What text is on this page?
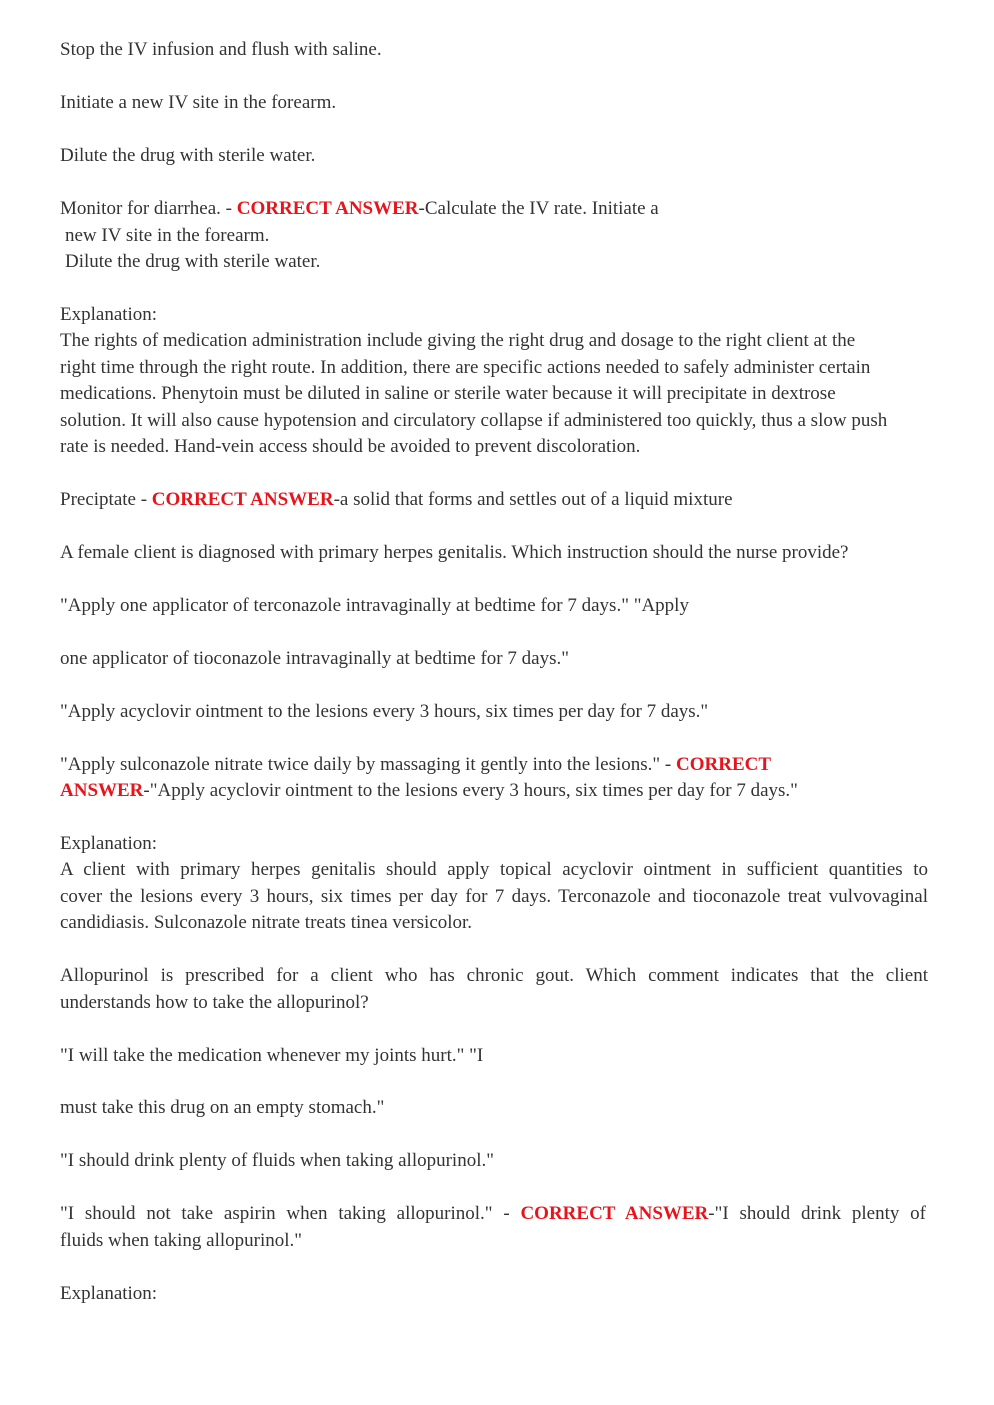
Stop the IV infusion and flush with saline.
Initiate a new IV site in the forearm.
Dilute the drug with sterile water.
Monitor for diarrhea. - CORRECT ANSWER-Calculate the IV rate. Initiate a
new IV site in the forearm.
Dilute the drug with sterile water.
Explanation:
The rights of medication administration include giving the right drug and dosage to the right client at the
right time through the right route. In addition, there are specific actions needed to safely administer certain
medications. Phenytoin must be diluted in saline or sterile water because it will precipitate in dextrose
solution. It will also cause hypotension and circulatory collapse if administered too quickly, thus a slow push
rate is needed. Hand-vein access should be avoided to prevent discoloration.
Preciptate - CORRECT ANSWER-a solid that forms and settles out of a liquid mixture
A female client is diagnosed with primary herpes genitalis. Which instruction should the nurse provide?
"Apply one applicator of terconazole intravaginally at bedtime for 7 days." "Apply
one applicator of tioconazole intravaginally at bedtime for 7 days."
"Apply acyclovir ointment to the lesions every 3 hours, six times per day for 7 days."
"Apply sulconazole nitrate twice daily by massaging it gently into the lesions." - CORRECT
ANSWER-"Apply acyclovir ointment to the lesions every 3 hours, six times per day for 7 days."
Explanation:
A client with primary herpes genitalis should apply topical acyclovir ointment in sufficient quantities to
cover the lesions every 3 hours, six times per day for 7 days. Terconazole and tioconazole treat vulvovaginal
candidiasis. Sulconazole nitrate treats tinea versicolor.
Allopurinol is prescribed for a client who has chronic gout. Which comment indicates that the client
understands how to take the allopurinol?
"I will take the medication whenever my joints hurt." "I
must take this drug on an empty stomach."
"I should drink plenty of fluids when taking allopurinol."
"I should not take aspirin when taking allopurinol." - CORRECT ANSWER-"I should drink plenty of
fluids when taking allopurinol."
Explanation:
